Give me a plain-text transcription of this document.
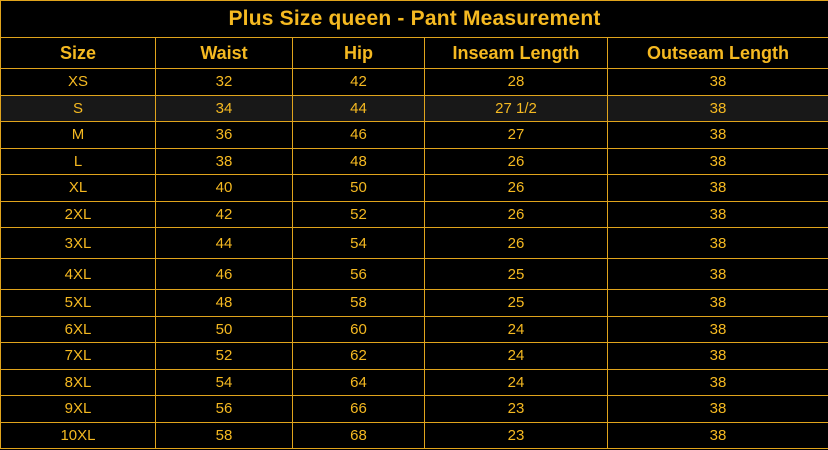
Plus Size queen - Pant Measurement				
Size	Waist	Hip	Inseam Length	Outseam Length
XS	32	42	28	38
S	34	44	27 1/2	38
M	36	46	27	38
L	38	48	26	38
XL	40	50	26	38
2XL	42	52	26	38
3XL	44	54	26	38
4XL	46	56	25	38
5XL	48	58	25	38
6XL	50	60	24	38
7XL	52	62	24	38
8XL	54	64	24	38
9XL	56	66	23	38
10XL	58	68	23	38
